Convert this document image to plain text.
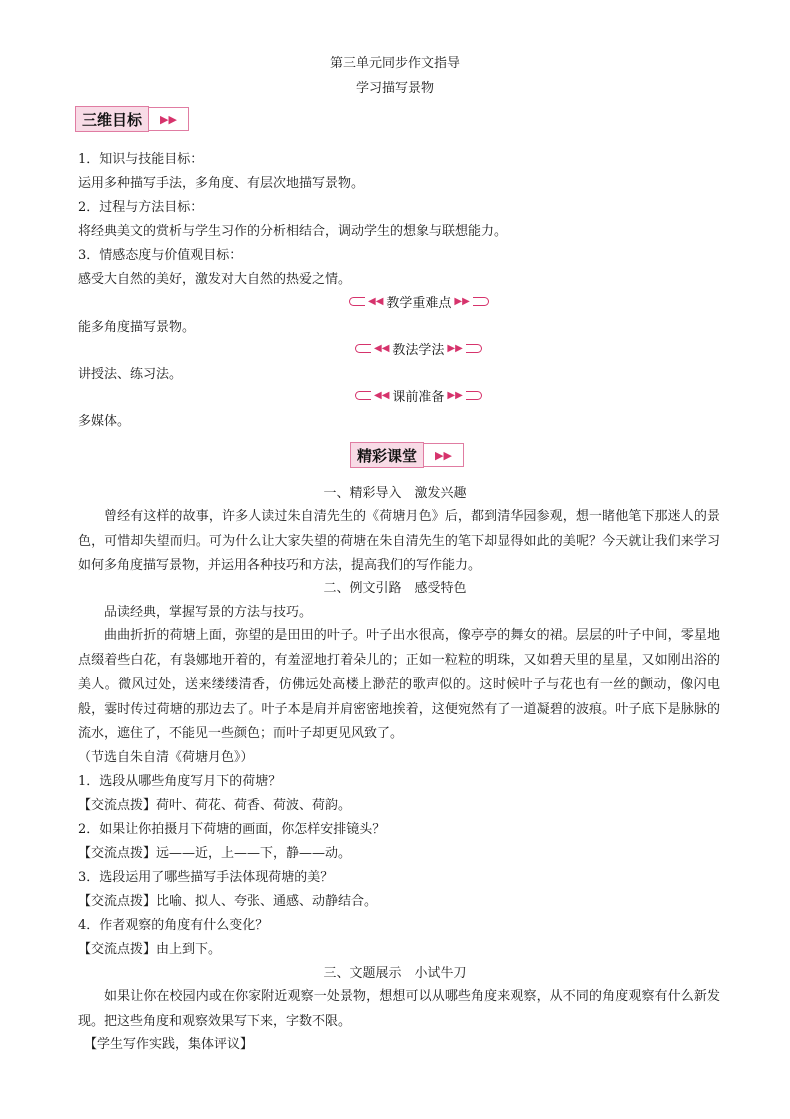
第三单元同步作文指导
学习描写景物
三维目标	▶▶
1．知识与技能目标：
运用多种描写手法，多角度、有层次地描写景物。
2．过程与方法目标：
将经典美文的赏析与学生习作的分析相结合，调动学生的想象与联想能力。
3．情感态度与价值观目标：
感受大自然的美好，激发对大自然的热爱之情。
◀◀ 教学重难点 ▶▶
能多角度描写景物。
◀◀ 教法学法 ▶▶
讲授法、练习法。
◀◀ 课前准备 ▶▶
多媒体。
精彩课堂	▶▶
一、精彩导入　激发兴趣
曾经有这样的故事，许多人读过朱自清先生的《荷塘月色》后，都到清华园参观，想一睹他笔下那迷人的景色，可惜却失望而归。可为什么让大家失望的荷塘在朱自清先生的笔下却显得如此的美呢？今天就让我们来学习如何多角度描写景物，并运用各种技巧和方法，提高我们的写作能力。
二、例文引路　感受特色
品读经典，掌握写景的方法与技巧。
曲曲折折的荷塘上面，弥望的是田田的叶子。叶子出水很高，像亭亭的舞女的裙。层层的叶子中间，零星地点缀着些白花，有袅娜地开着的，有羞涩地打着朵儿的；正如一粒粒的明珠，又如碧天里的星星，又如刚出浴的美人。微风过处，送来缕缕清香，仿佛远处高楼上渺茫的歌声似的。这时候叶子与花也有一丝的颤动，像闪电般，霎时传过荷塘的那边去了。叶子本是肩并肩密密地挨着，这便宛然有了一道凝碧的波痕。叶子底下是脉脉的流水，遮住了，不能见一些颜色；而叶子却更见风致了。
（节选自朱自清《荷塘月色》）
1．选段从哪些角度写月下的荷塘？
【交流点拨】荷叶、荷花、荷香、荷波、荷韵。
2．如果让你拍摄月下荷塘的画面，你怎样安排镜头？
【交流点拨】远——近，上——下，静——动。
3．选段运用了哪些描写手法体现荷塘的美？
【交流点拨】比喻、拟人、夸张、通感、动静结合。
4．作者观察的角度有什么变化？
【交流点拨】由上到下。
三、文题展示　小试牛刀
如果让你在校园内或在你家附近观察一处景物，想想可以从哪些角度来观察，从不同的角度观察有什么新发现。把这些角度和观察效果写下来，字数不限。
【学生写作实践，集体评议】
